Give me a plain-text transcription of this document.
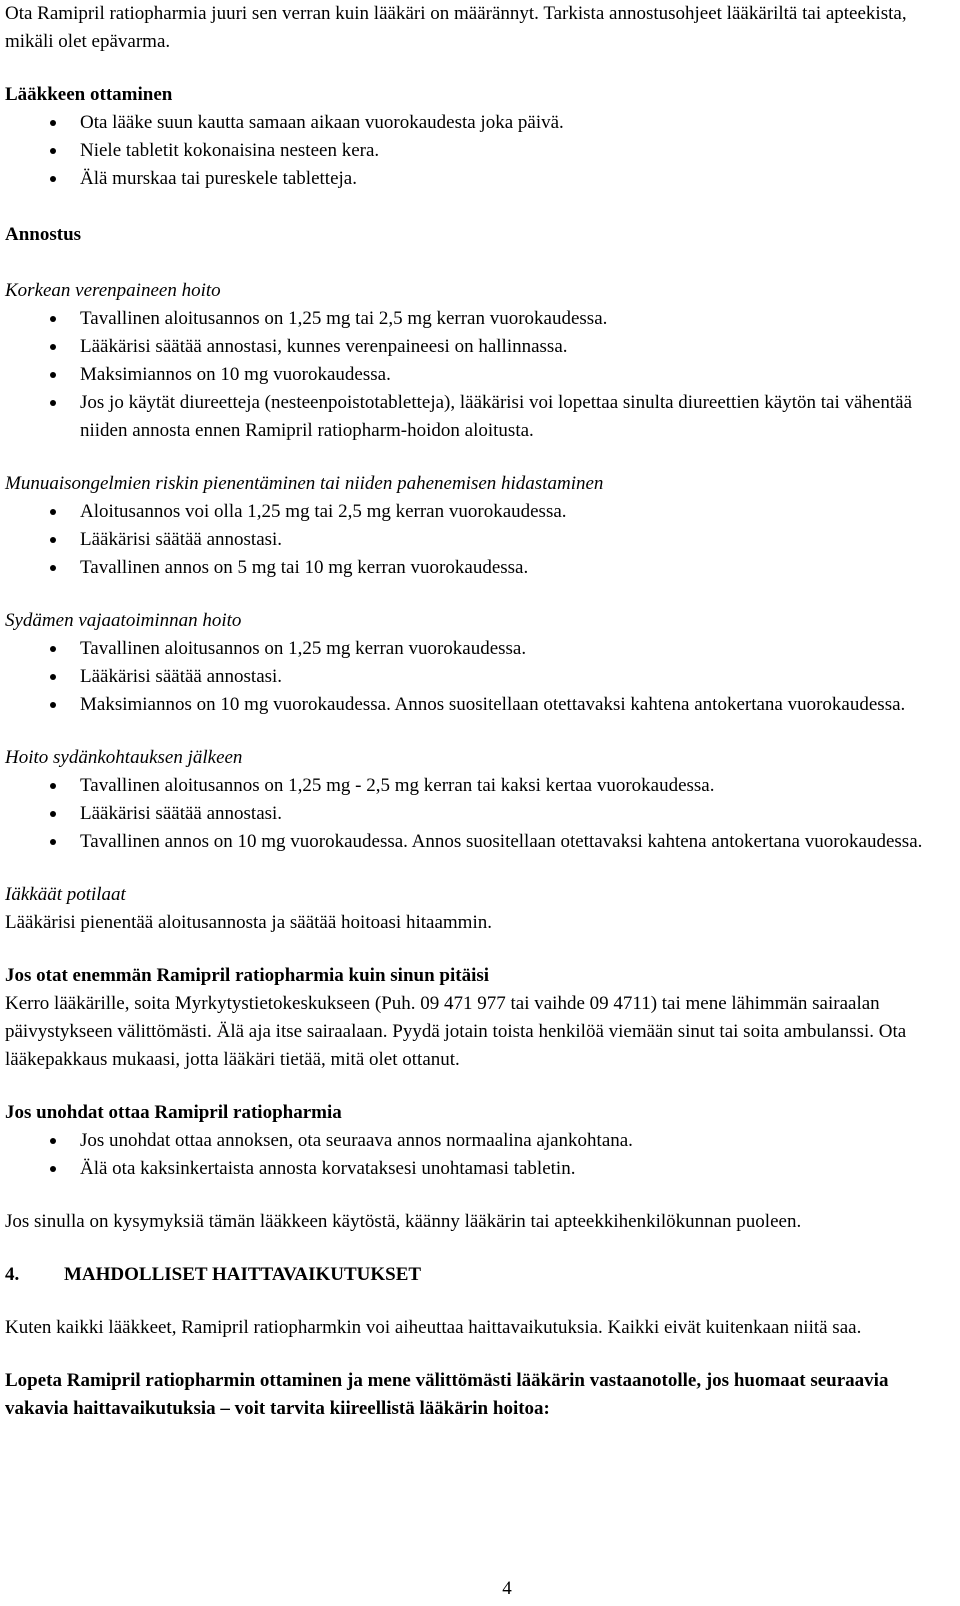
Ota Ramipril ratiopharmia juuri sen verran kuin lääkäri on määrännyt. Tarkista annostusohjeet lääkäriltä tai apteekista, mikäli olet epävarma.

Lääkkeen ottaminen

Ota lääke suun kautta samaan aikaan vuorokaudesta joka päivä.
Niele tabletit kokonaisina nesteen kera.
Älä murskaa tai pureskele tabletteja.

Annostus

Korkean verenpaineen hoito

Tavallinen aloitusannos on 1,25 mg tai 2,5 mg kerran vuorokaudessa.
Lääkärisi säätää annostasi, kunnes verenpaineesi on hallinnassa.
Maksimiannos on 10 mg vuorokaudessa.
Jos jo käytät diureetteja (nesteenpoistotabletteja), lääkärisi voi lopettaa sinulta diureettien käytön tai vähentää niiden annosta ennen Ramipril ratiopharm-hoidon aloitusta.

Munuaisongelmien riskin pienentäminen tai niiden pahenemisen hidastaminen

Aloitusannos voi olla 1,25 mg tai 2,5 mg kerran vuorokaudessa.
Lääkärisi säätää annostasi.
Tavallinen annos on 5 mg tai 10 mg kerran vuorokaudessa.

Sydämen vajaatoiminnan hoito

Tavallinen aloitusannos on 1,25 mg kerran vuorokaudessa.
Lääkärisi säätää annostasi.
Maksimiannos on 10 mg vuorokaudessa. Annos suositellaan otettavaksi kahtena antokertana vuorokaudessa.

Hoito sydänkohtauksen jälkeen

Tavallinen aloitusannos on 1,25 mg - 2,5 mg kerran tai kaksi kertaa vuorokaudessa.
Lääkärisi säätää annostasi.
Tavallinen annos on 10 mg vuorokaudessa. Annos suositellaan otettavaksi kahtena antokertana vuorokaudessa.

Iäkkäät potilaat

Lääkärisi pienentää aloitusannosta ja säätää hoitoasi hitaammin.

Jos otat enemmän Ramipril ratiopharmia kuin sinun pitäisi

Kerro lääkärille, soita Myrkytystietokeskukseen (Puh. 09 471 977 tai vaihde 09 4711) tai mene lähimmän sairaalan päivystykseen välittömästi. Älä aja itse sairaalaan. Pyydä jotain toista henkilöä viemään sinut tai soita ambulanssi. Ota lääkepakkaus mukaasi, jotta lääkäri tietää, mitä olet ottanut.

Jos unohdat ottaa Ramipril ratiopharmia

Jos unohdat ottaa annoksen, ota seuraava annos normaalina ajankohtana.
Älä ota kaksinkertaista annosta korvataksesi unohtamasi tabletin.

Jos sinulla on kysymyksiä tämän lääkkeen käytöstä, käänny lääkärin tai apteekkihenkilökunnan puoleen.

4. MAHDOLLISET HAITTAVAIKUTUKSET

Kuten kaikki lääkkeet, Ramipril ratiopharmkin voi aiheuttaa haittavaikutuksia. Kaikki eivät kuitenkaan niitä saa.

Lopeta Ramipril ratiopharmin ottaminen ja mene välittömästi lääkärin vastaanotolle, jos huomaat seuraavia vakavia haittavaikutuksia – voit tarvita kiireellistä lääkärin hoitoa:

4
